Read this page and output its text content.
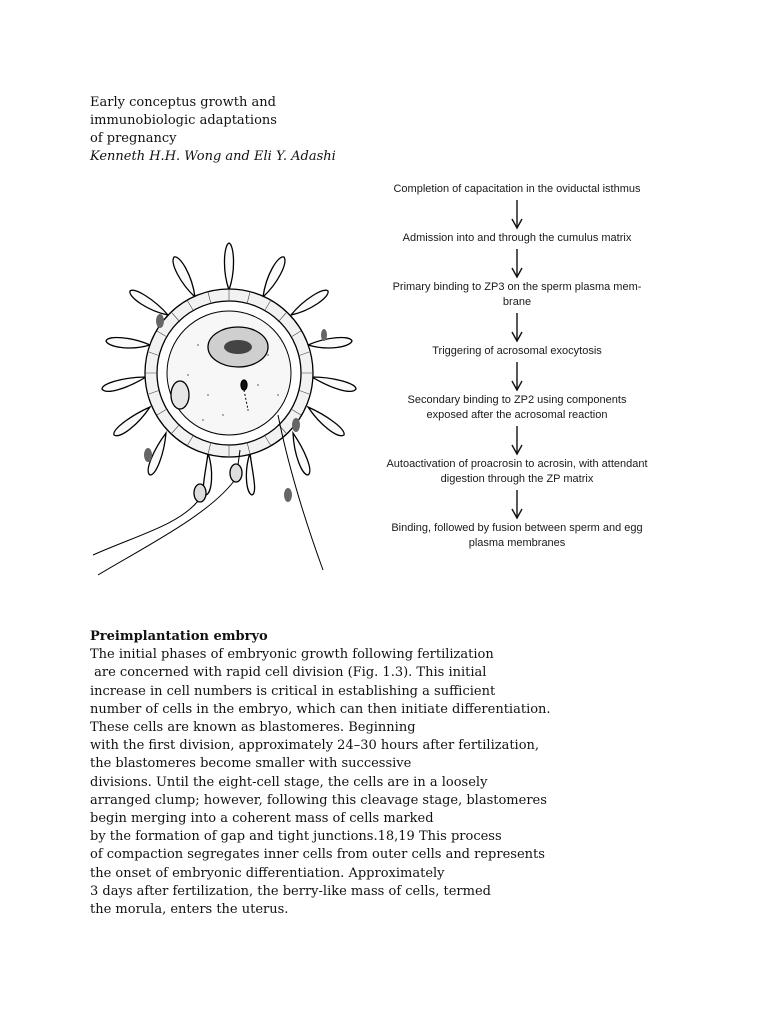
Early conceptus growth and
immunobiologic adaptations
of pregnancy
Kenneth H.H. Wong and Eli Y. Adashi
Completion of capacitation in the oviductal isthmus
Admission into and through the cumulus matrix
Primary binding to ZP3 on the sperm plasma mem-
brane
Triggering of acrosomal exocytosis
Secondary binding to ZP2 using components
exposed after the acrosomal reaction
Autoactivation of proacrosin to acrosin, with attendant
digestion through the ZP matrix
Binding, followed by fusion between sperm and egg
plasma membranes
Preimplantation embryo
The initial phases of embryonic growth following fertilization
are concerned with rapid cell division (Fig. 1.3). This initial
increase in cell numbers is critical in establishing a sufficient
number of cells in the embryo, which can then initiate differentiation.
These cells are known as blastomeres. Beginning
with the first division, approximately 24–30 hours after fertilization,
the blastomeres become smaller with successive
divisions. Until the eight-cell stage, the cells are in a loosely
arranged clump; however, following this cleavage stage, blastomeres
begin merging into a coherent mass of cells marked
by the formation of gap and tight junctions.18,19 This process
of compaction segregates inner cells from outer cells and represents
the onset of embryonic differentiation. Approximately
3 days after fertilization, the berry-like mass of cells, termed
the morula, enters the uterus.
